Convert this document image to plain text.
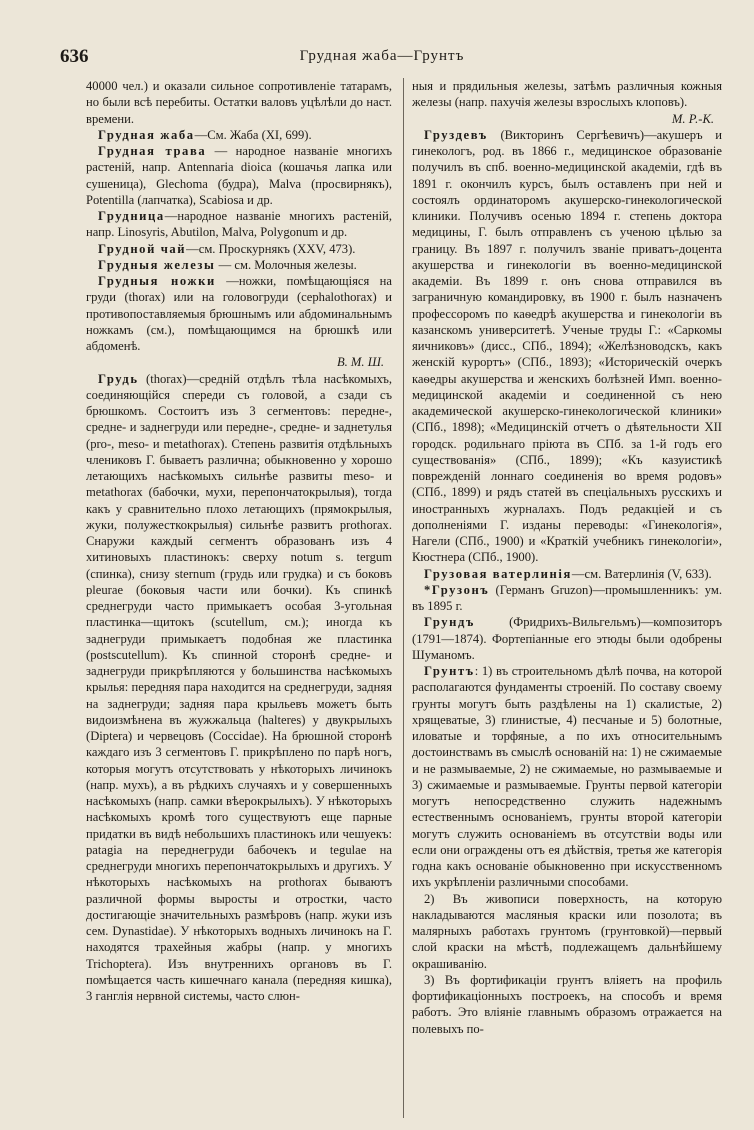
636	Грудная жаба—Грунтъ

40000 чел.) и оказали сильное сопротивленіе татарамъ, но были всѣ перебиты. Остатки валовъ уцѣлѣли до наст. времени.

Грудная жаба—См. Жаба (XI, 699).

Грудная трава — народное названіе многихъ растеній, напр. Antennaria dioica (кошачья лапка или сушеница), Glechoma (будра), Malva (просвирнякъ), Potentilla (лапчатка), Scabiosa и др.

Грудница—народное названіе многихъ растеній, напр. Linosyris, Abutilon, Malva, Polygonum и др.

Грудной чай—см. Проскурнякъ (XXV, 473).

Грудныя железы — см. Молочныя железы.

Грудныя ножки —ножки, помѣщающіяся на груди (thorax) или на головогруди (cephalothorax) и противопоставляемыя брюшнымъ или абдоминальнымъ ножкамъ (см.), помѣщающимся на брюшкѣ или абдоменѣ.
В. М. Ш.

Грудь (thorax)—средній отдѣлъ тѣла насѣкомыхъ, соединяющійся спереди съ головой, а сзади съ брюшкомъ. Состоитъ изъ 3 сегментовъ: передне-, средне- и заднегруди или передне-, средне- и заднетулья (pro-, meso- и metathorax). Степень развитія отдѣльныхъ члениковъ Г. бываетъ различна; обыкновенно у хорошо летающихъ насѣкомыхъ сильнѣе развиты meso- и metathorax (бабочки, мухи, перепончатокрылыя), тогда какъ у сравнительно плохо летающихъ (прямокрылыя, жуки, полужесткокрылыя) сильнѣе развитъ prothorax. Снаружи каждый сегментъ образованъ изъ 4 хитиновыхъ пластинокъ: сверху notum s. tergum (спинка), снизу sternum (грудь или грудка) и съ боковъ pleurae (боковыя части или бочки). Къ спинкѣ среднегруди часто примыкаетъ особая 3-угольная пластинка—щитокъ (scutellum, см.); иногда къ заднегруди примыкаетъ подобная же пластинка (postscutellum). Къ спинной сторонѣ средне- и заднегруди прикрѣпляются у большинства насѣкомыхъ крылья: передняя пара находится на среднегруди, задняя на заднегруди; задняя пара крыльевъ можетъ быть видоизмѣнена въ жужжальца (halteres) у двукрылыхъ (Diptera) и червецовъ (Coccidae). На брюшной сторонѣ каждаго изъ 3 сегментовъ Г. прикрѣплено по парѣ ногъ, которыя могутъ отсутствовать у нѣкоторыхъ личинокъ (напр. мухъ), а въ рѣдкихъ случаяхъ и у совершенныхъ насѣкомыхъ (напр. самки вѣерокрылыхъ). У нѣкоторыхъ насѣкомыхъ кромѣ того существуютъ еще парные придатки въ видѣ небольшихъ пластинокъ или чешуекъ: patagia на переднегруди бабочекъ и tegulae на среднегруди многихъ перепончатокрылыхъ и другихъ. У нѣкоторыхъ насѣкомыхъ на prothorax бываютъ различной формы выросты и отростки, часто достигающіе значительныхъ размѣровъ (напр. жуки изъ сем. Dynastidae). У нѣкоторыхъ водныхъ личинокъ на Г. находятся трахейныя жабры (напр. у многихъ Trichoptera). Изъ внутреннихъ органовъ въ Г. помѣщается часть кишечнаго канала (передняя кишка), 3 ганглія нервной системы, часто слюн-

ныя и прядильныя железы, затѣмъ различныя кожныя железы (напр. пахучія железы взрослыхъ клоповъ).
М. Р.-К.

Груздевъ (Викторинъ Сергѣевичъ)—акушеръ и гинекологъ, род. въ 1866 г., медицинское образованіе получилъ въ спб. военно-медицинской академіи, гдѣ въ 1891 г. окончилъ курсъ, былъ оставленъ при ней и состоялъ ординаторомъ акушерско-гинекологической клиники. Получивъ осенью 1894 г. степень доктора медицины, Г. былъ отправленъ съ ученою цѣлью за границу. Въ 1897 г. получилъ званіе приватъ-доцента акушерства и гинекологіи въ военно-медицинской академіи. Въ 1899 г. онъ снова отправился въ заграничную командировку, въ 1900 г. былъ назначенъ профессоромъ по каѳедрѣ акушерства и гинекологіи въ казанскомъ университетѣ. Ученые труды Г.: «Саркомы яичниковъ» (дисс., СПб., 1894); «Желѣзноводскъ, какъ женскій курортъ» (СПб., 1893); «Историческій очеркъ каѳедры акушерства и женскихъ болѣзней Имп. военно-медицинской академіи и соединенной съ нею академической акушерско-гинекологической клиники» (СПб., 1898); «Медицинскій отчетъ о дѣятельности XII городск. родильнаго пріюта въ СПб. за 1-й годъ его существованія» (СПб., 1899); «Къ казуистикѣ поврежденій лоннаго соединенія во время родовъ» (СПб., 1899) и рядъ статей въ спеціальныхъ русскихъ и иностранныхъ журналахъ. Подъ редакціей и съ дополненіями Г. изданы переводы: «Гинекологія», Нагели (СПб., 1900) и «Краткій учебникъ гинекологіи», Кюстнера (СПб., 1900).

Грузовая ватерлинія—см. Ватерлинія (V, 633).

*Грузонъ (Германъ Gruzon)—промышленникъ: ум. въ 1895 г.

Грундъ (Фридрихъ-Вильгельмъ)—композиторъ (1791—1874). Фортепіанные его этюды были одобрены Шуманомъ.

Грунтъ: 1) въ строительномъ дѣлѣ почва, на которой располагаются фундаменты строеній. По составу своему грунты могутъ быть раздѣлены на 1) скалистые, 2) хрящеватые, 3) глинистые, 4) песчаные и 5) болотные, иловатые и торфяные, а по ихъ относительнымъ достоинствамъ въ смыслѣ основаній на: 1) не сжимаемые и не размываемые, 2) не сжимаемые, но размываемые и 3) сжимаемые и размываемые. Грунты первой категоріи могутъ непосредственно служить надежнымъ естественнымъ основаніемъ, грунты второй категоріи могутъ служить основаніемъ въ отсутствіи воды или если они ограждены отъ ея дѣйствія, третья же категорія годна какъ основаніе обыкновенно при искусственномъ ихъ укрѣпленіи различными способами.

2) Въ живописи поверхность, на которую накладываются масляныя краски или позолота; въ малярныхъ работахъ грунтомъ (грунтовкой)—первый слой краски на мѣстѣ, подлежащемъ дальнѣйшему окрашиванію.

3) Въ фортификаціи грунтъ вліяетъ на профиль фортификаціонныхъ построекъ, на способъ и время работъ. Это вліяніе главнымъ образомъ отражается на полевыхъ по-
